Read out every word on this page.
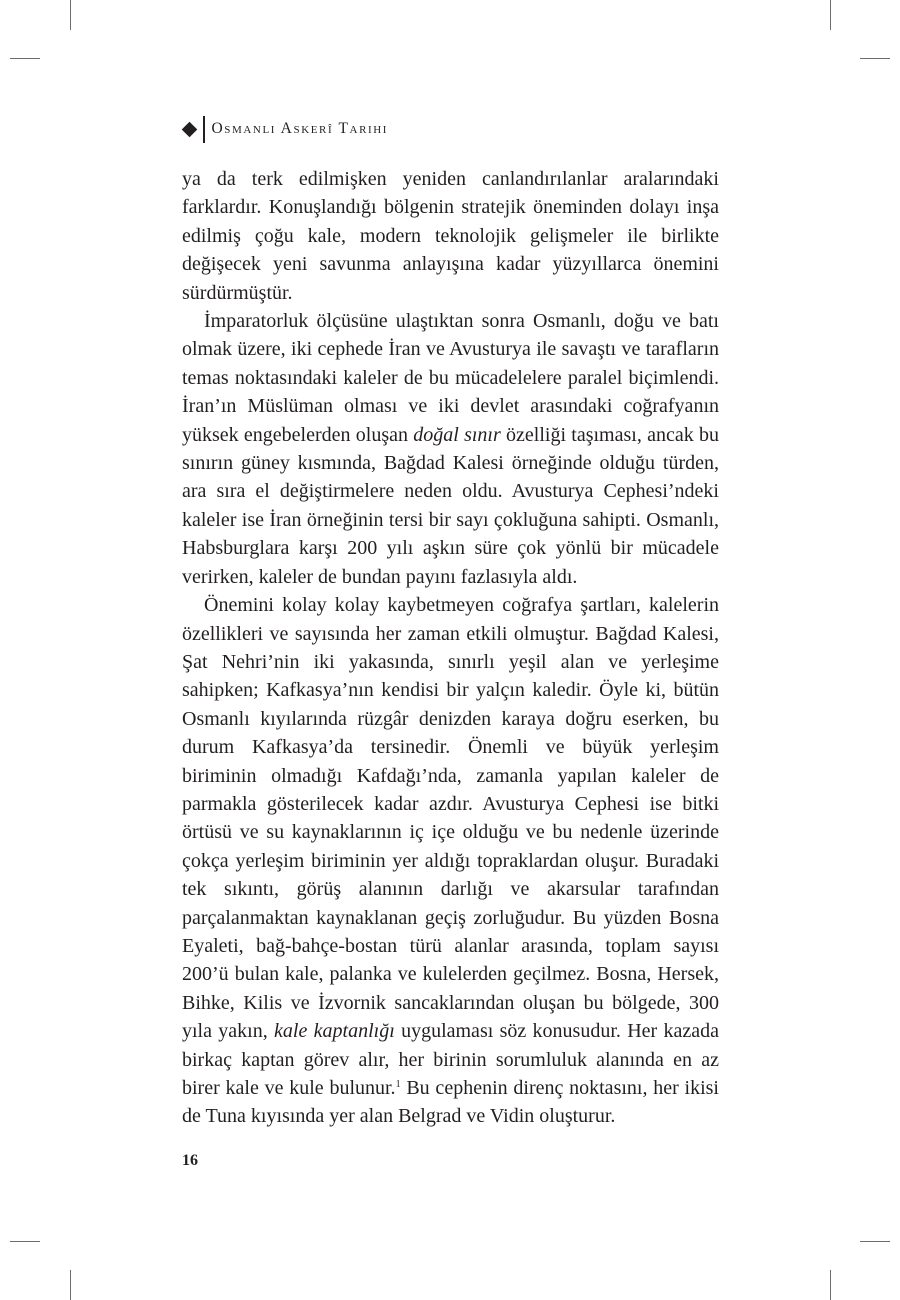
Osmanlı Askerî Tarihi

ya da terk edilmişken yeniden canlandırılanlar aralarındaki farklardır. Konuşlandığı bölgenin stratejik öneminden dolayı inşa edilmiş çoğu kale, modern teknolojik gelişmeler ile birlikte değişecek yeni savunma anlayışına kadar yüzyıllarca önemini sürdürmüştür.

İmparatorluk ölçüsüne ulaştıktan sonra Osmanlı, doğu ve batı olmak üzere, iki cephede İran ve Avusturya ile savaştı ve tarafların temas noktasındaki kaleler de bu mücadelelere paralel biçimlendi. İran’ın Müslüman olması ve iki devlet arasındaki coğrafyanın yüksek engebelerden oluşan doğal sınır özelliği taşıması, ancak bu sınırın güney kısmında, Bağdad Kalesi örneğinde olduğu türden, ara sıra el değiştirmelere neden oldu. Avusturya Cephesi’ndeki kaleler ise İran örneğinin tersi bir sayı çokluğuna sahipti. Osmanlı, Habsburglara karşı 200 yılı aşkın süre çok yönlü bir mücadele verirken, kaleler de bundan payını fazlasıyla aldı.

Önemini kolay kolay kaybetmeyen coğrafya şartları, kalelerin özellikleri ve sayısında her zaman etkili olmuştur. Bağdad Kalesi, Şat Nehri’nin iki yakasında, sınırlı yeşil alan ve yerleşime sahipken; Kafkasya’nın kendisi bir yalçın kaledir. Öyle ki, bütün Osmanlı kıyılarında rüzgâr denizden karaya doğru eserken, bu durum Kafkasya’da tersinedir. Önemli ve büyük yerleşim biriminin olmadığı Kafdağı’nda, zamanla yapılan kaleler de parmakla gösterilecek kadar azdır. Avusturya Cephesi ise bitki örtüsü ve su kaynaklarının iç içe olduğu ve bu nedenle üzerinde çokça yerleşim biriminin yer aldığı topraklardan oluşur. Buradaki tek sıkıntı, görüş alanının darlığı ve akarsular tarafından parçalanmaktan kaynaklanan geçiş zorluğudur. Bu yüzden Bosna Eyaleti, bağ-bahçe-bostan türü alanlar arasında, toplam sayısı 200’ü bulan kale, palanka ve kulelerden geçilmez. Bosna, Hersek, Bihke, Kilis ve İzvornik sancaklarından oluşan bu bölgede, 300 yıla yakın, kale kaptanlığı uygulaması söz konusudur. Her kazada birkaç kaptan görev alır, her birinin sorumluluk alanında en az birer kale ve kule bulunur.$^1$ Bu cephenin direnç noktasını, her ikisi de Tuna kıyısında yer alan Belgrad ve Vidin oluşturur.

16
